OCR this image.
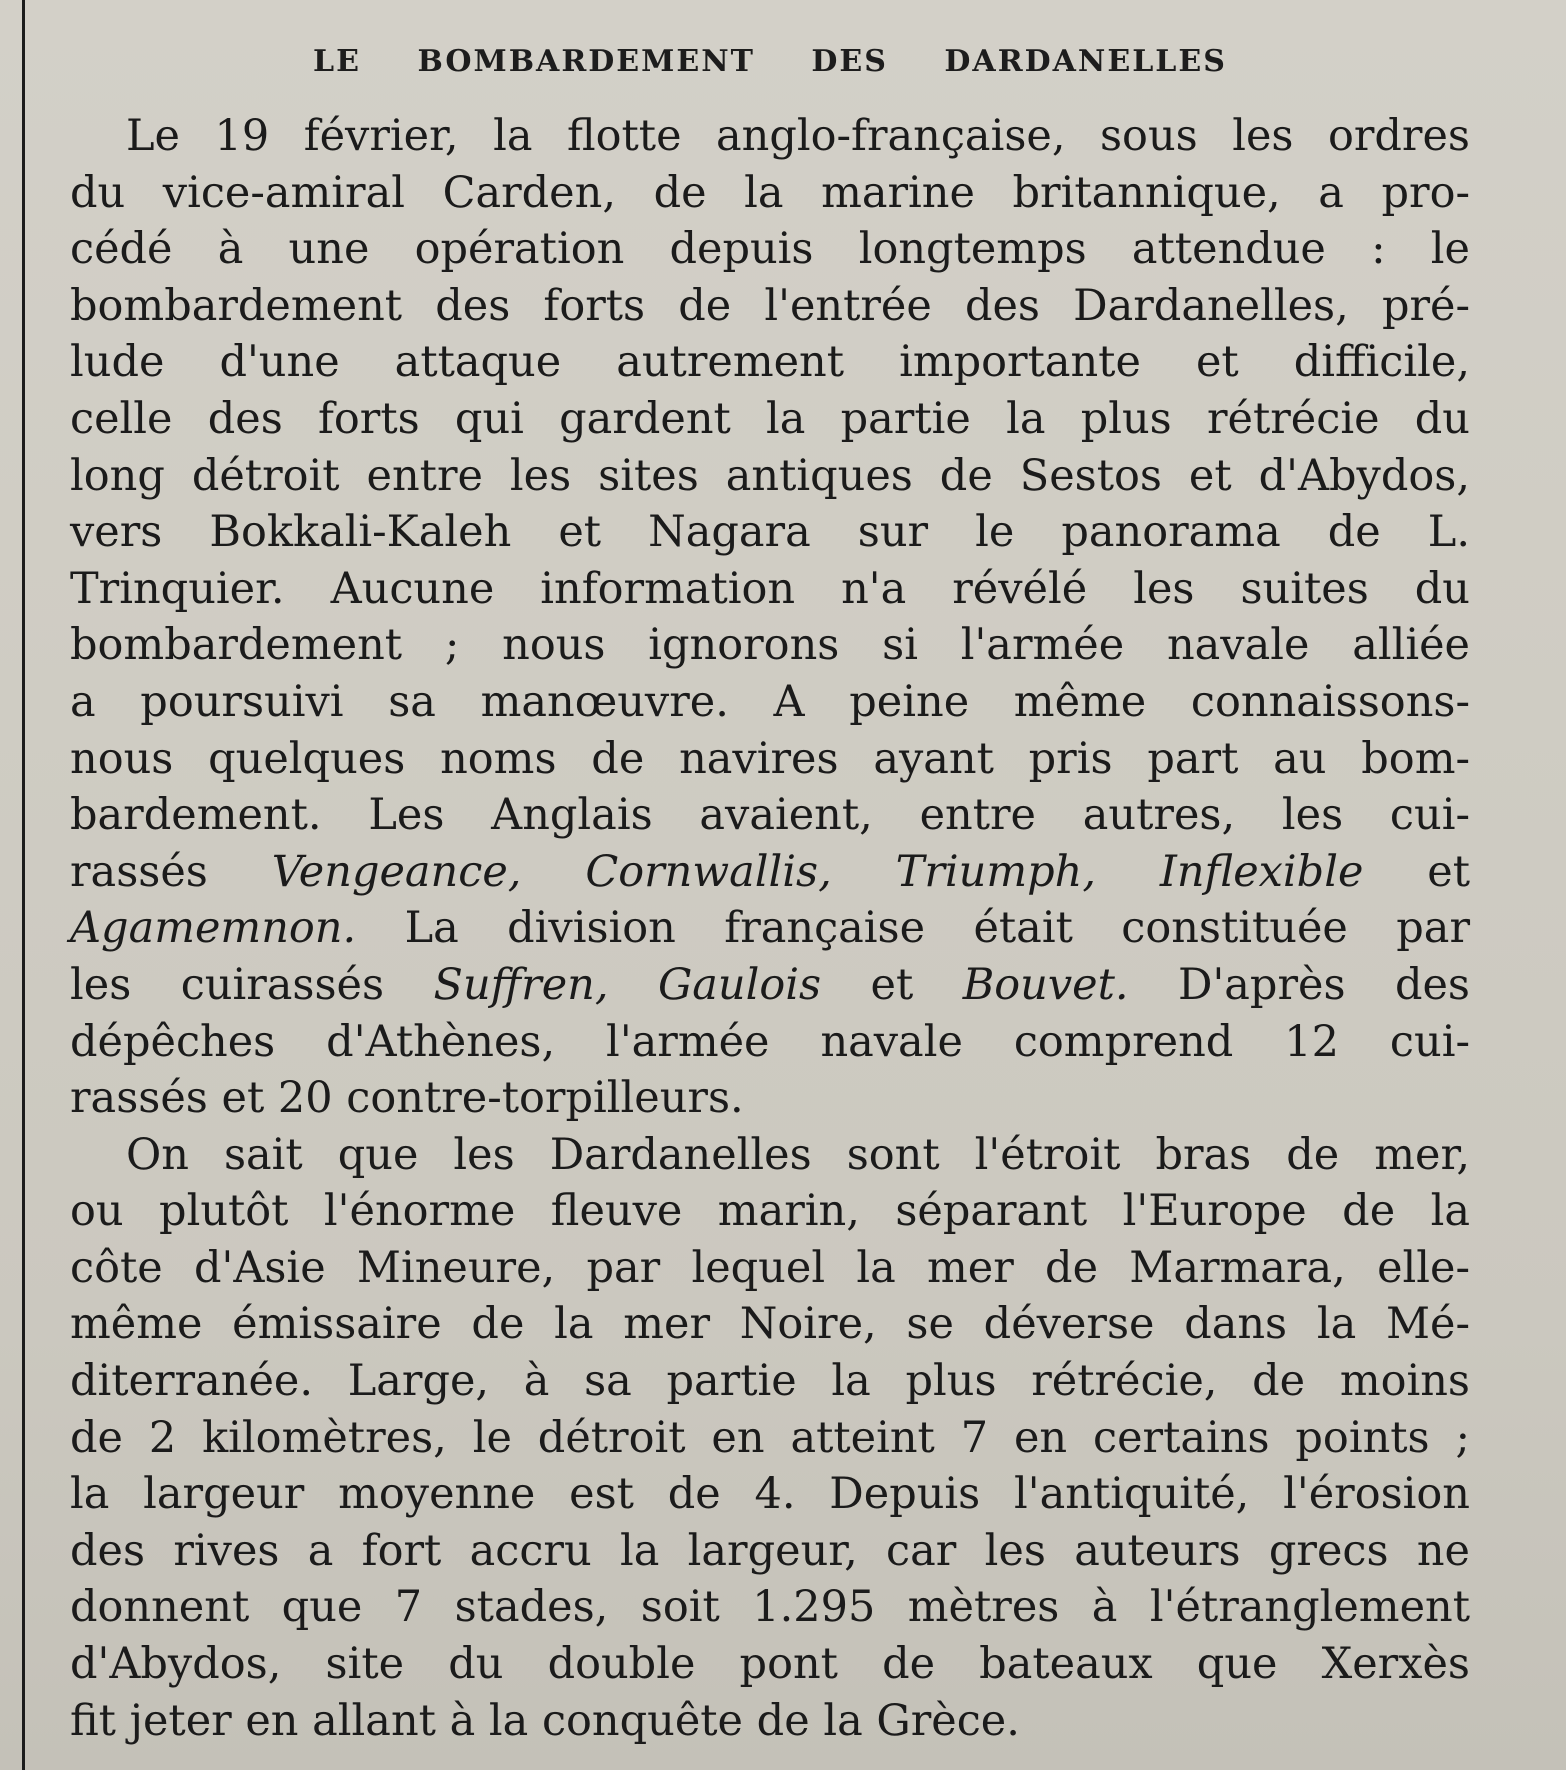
LE BOMBARDEMENT DES DARDANELLES
Le 19 février, la flotte anglo-française, sous les ordres
du vice-amiral Carden, de la marine britannique, a pro-
cédé à une opération depuis longtemps attendue : le
bombardement des forts de l'entrée des Dardanelles, pré-
lude d'une attaque autrement importante et difficile,
celle des forts qui gardent la partie la plus rétrécie du
long détroit entre les sites antiques de Sestos et d'Abydos,
vers Bokkali-Kaleh et Nagara sur le panorama de L.
Trinquier. Aucune information n'a révélé les suites du
bombardement ; nous ignorons si l'armée navale alliée
a poursuivi sa manœuvre. A peine même connaissons-
nous quelques noms de navires ayant pris part au bom-
bardement. Les Anglais avaient, entre autres, les cui-
rassés Vengeance, Cornwallis, Triumph, Inflexible et
Agamemnon. La division française était constituée par
les cuirassés Suffren, Gaulois et Bouvet. D'après des
dépêches d'Athènes, l'armée navale comprend 12 cui-
rassés et 20 contre-torpilleurs.
On sait que les Dardanelles sont l'étroit bras de mer,
ou plutôt l'énorme fleuve marin, séparant l'Europe de la
côte d'Asie Mineure, par lequel la mer de Marmara, elle-
même émissaire de la mer Noire, se déverse dans la Mé-
diterranée. Large, à sa partie la plus rétrécie, de moins
de 2 kilomètres, le détroit en atteint 7 en certains points ;
la largeur moyenne est de 4. Depuis l'antiquité, l'érosion
des rives a fort accru la largeur, car les auteurs grecs ne
donnent que 7 stades, soit 1.295 mètres à l'étranglement
d'Abydos, site du double pont de bateaux que Xerxès
fit jeter en allant à la conquête de la Grèce.
